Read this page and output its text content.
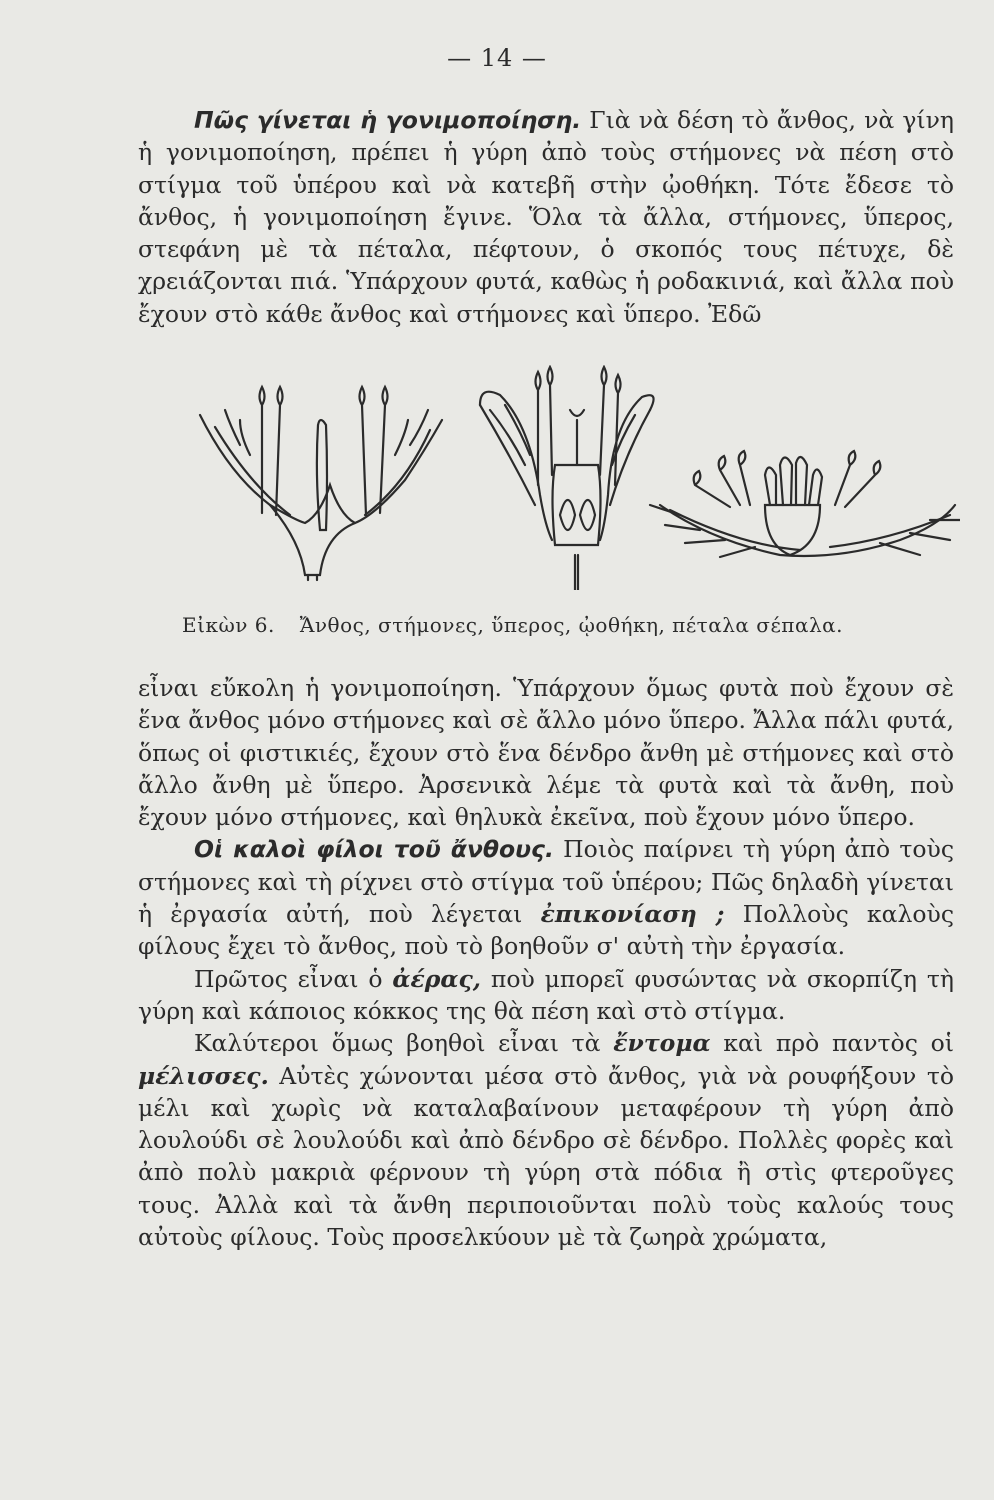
— 14 —

Πῶς γίνεται ἡ γονιμοποίηση. Γιὰ νὰ δέση τὸ ἄνθος, νὰ γίνη ἡ γονιμοποίηση, πρέπει ἡ γύρη ἀπὸ τοὺς στήμονες νὰ πέση στὸ στίγμα τοῦ ὑπέρου καὶ νὰ κατεβῆ στὴν ᾠοθήκη. Τότε ἔδεσε τὸ ἄνθος, ἡ γονιμοποίηση ἔγινε. Ὅλα τὰ ἄλλα, στήμονες, ὕπερος, στεφάνη μὲ τὰ πέταλα, πέφτουν, ὁ σκοπός τους πέτυχε, δὲ χρειάζονται πιά. Ὑπάρχουν φυτά, καθὼς ἡ ροδακινιά, καὶ ἄλλα ποὺ ἔχουν στὸ κάθε ἄνθος καὶ στήμονες καὶ ὕπερο. Ἐδῶ

Εἰκὼν 6. Ἄνθος, στήμονες, ὕπερος, ᾠοθήκη, πέταλα σέπαλα.

εἶναι εὔκολη ἡ γονιμοποίηση. Ὑπάρχουν ὅμως φυτὰ ποὺ ἔχουν σὲ ἕνα ἄνθος μόνο στήμονες καὶ σὲ ἄλλο μόνο ὕπερο. Ἄλλα πάλι φυτά, ὅπως οἱ φιστικιές, ἔχουν στὸ ἕνα δένδρο ἄνθη μὲ στήμονες καὶ στὸ ἄλλο ἄνθη μὲ ὕπερο. Ἀρσενικὰ λέμε τὰ φυτὰ καὶ τὰ ἄνθη, ποὺ ἔχουν μόνο στήμονες, καὶ θηλυκὰ ἐκεῖνα, ποὺ ἔχουν μόνο ὕπερο.

Οἱ καλοὶ φίλοι τοῦ ἄνθους. Ποιὸς παίρνει τὴ γύρη ἀπὸ τοὺς στήμονες καὶ τὴ ρίχνει στὸ στίγμα τοῦ ὑπέρου; Πῶς δηλαδὴ γίνεται ἡ ἐργασία αὐτή, ποὺ λέγεται ἐπικονίαση ; Πολλοὺς καλοὺς φίλους ἔχει τὸ ἄνθος, ποὺ τὸ βοηθοῦν σ' αὐτὴ τὴν ἐργασία.

Πρῶτος εἶναι ὁ ἀέρας, ποὺ μπορεῖ φυσώντας νὰ σκορπίζη τὴ γύρη καὶ κάποιος κόκκος της θὰ πέση καὶ στὸ στίγμα.

Καλύτεροι ὅμως βοηθοὶ εἶναι τὰ ἔντομα καὶ πρὸ παντὸς οἱ μέλισσες. Αὐτὲς χώνονται μέσα στὸ ἄνθος, γιὰ νὰ ρουφήξουν τὸ μέλι καὶ χωρὶς νὰ καταλαβαίνουν μεταφέρουν τὴ γύρη ἀπὸ λουλούδι σὲ λουλούδι καὶ ἀπὸ δένδρο σὲ δένδρο. Πολλὲς φορὲς καὶ ἀπὸ πολὺ μακριὰ φέρνουν τὴ γύρη στὰ πόδια ἢ στὶς φτεροῦγες τους. Ἀλλὰ καὶ τὰ ἄνθη περιποιοῦνται πολὺ τοὺς καλούς τους αὐτοὺς φίλους. Τοὺς προσελκύουν μὲ τὰ ζωηρὰ χρώματα,
